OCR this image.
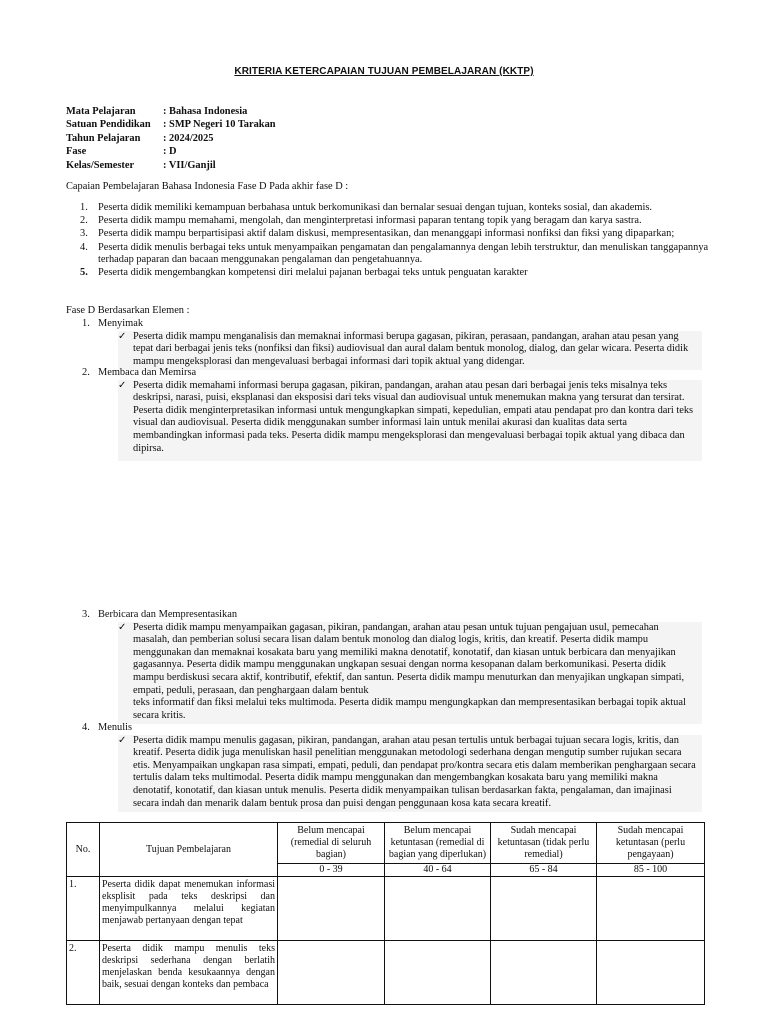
KRITERIA KETERCAPAIAN TUJUAN PEMBELAJARAN (KKTP)
Mata Pelajaran	: Bahasa Indonesia
Satuan Pendidikan	: SMP Negeri 10 Tarakan
Tahun Pelajaran	: 2024/2025
Fase	: D
Kelas/Semester	: VII/Ganjil
Capaian Pembelajaran Bahasa Indonesia Fase D Pada akhir fase D :
1. Peserta didik memiliki kemampuan berbahasa untuk berkomunikasi dan bernalar sesuai dengan tujuan, konteks sosial, dan akademis.
2. Peserta didik mampu memahami, mengolah, dan menginterpretasi informasi paparan tentang topik yang beragam dan karya sastra.
3. Peserta didik mampu berpartisipasi aktif dalam diskusi, mempresentasikan, dan menanggapi informasi nonfiksi dan fiksi yang dipaparkan;
4. Peserta didik menulis berbagai teks untuk menyampaikan pengamatan dan pengalamannya dengan lebih terstruktur, dan menuliskan tanggapannya terhadap paparan dan bacaan menggunakan pengalaman dan pengetahuannya.
5. Peserta didik mengembangkan kompetensi diri melalui pajanan berbagai teks untuk penguatan karakter
Fase D Berdasarkan Elemen :
1. Menyimak
✓ Peserta didik mampu menganalisis dan memaknai informasi berupa gagasan, pikiran, perasaan, pandangan, arahan atau pesan yang tepat dari berbagai jenis teks (nonfiksi dan fiksi) audiovisual dan aural dalam bentuk monolog, dialog, dan gelar wicara. Peserta didik mampu mengeksplorasi dan mengevaluasi berbagai informasi dari topik aktual yang didengar.

2. Membaca dan Memirsa
✓ Peserta didik memahami informasi berupa gagasan, pikiran, pandangan, arahan atau pesan dari berbagai jenis teks misalnya teks deskripsi, narasi, puisi, eksplanasi dan eksposisi dari teks visual dan audiovisual untuk menemukan makna yang tersurat dan tersirat. Peserta didik menginterpretasikan informasi untuk mengungkapkan simpati, kepedulian, empati atau pendapat pro dan kontra dari teks visual dan audiovisual. Peserta didik menggunakan sumber informasi lain untuk menilai akurasi dan kualitas data serta membandingkan informasi pada teks. Peserta didik mampu mengeksplorasi dan mengevaluasi berbagai topik aktual yang dibaca dan dipirsa.

3. Berbicara dan Mempresentasikan
✓ Peserta didik mampu menyampaikan gagasan, pikiran, pandangan, arahan atau pesan untuk tujuan pengajuan usul, pemecahan masalah, dan pemberian solusi secara lisan dalam bentuk monolog dan dialog logis, kritis, dan kreatif. Peserta didik mampu menggunakan dan memaknai kosakata baru yang memiliki makna denotatif, konotatif, dan kiasan untuk berbicara dan menyajikan gagasannya. Peserta didik mampu menggunakan ungkapan sesuai dengan norma kesopanan dalam berkomunikasi. Peserta didik mampu berdiskusi secara aktif, kontributif, efektif, dan santun. Peserta didik mampu menuturkan dan menyajikan ungkapan simpati, empati, peduli, perasaan, dan penghargaan dalam bentuk

teks informatif dan fiksi melalui teks multimoda. Peserta didik mampu mengungkapkan dan mempresentasikan berbagai topik aktual secara kritis.

4. Menulis
✓ Peserta didik mampu menulis gagasan, pikiran, pandangan, arahan atau pesan tertulis untuk berbagai tujuan secara logis, kritis, dan kreatif. Peserta didik juga menuliskan hasil penelitian menggunakan metodologi sederhana dengan mengutip sumber rujukan secara etis. Menyampaikan ungkapan rasa simpati, empati, peduli, dan pendapat pro/kontra secara etis dalam memberikan penghargaan secara tertulis dalam teks multimodal. Peserta didik mampu menggunakan dan mengembangkan kosakata baru yang memiliki makna denotatif, konotatif, dan kiasan untuk menulis. Peserta didik menyampaikan tulisan berdasarkan fakta, pengalaman, dan imajinasi secara indah dan menarik dalam bentuk prosa dan puisi dengan penggunaan kosa kata secara kreatif.

No.	Tujuan Pembelajaran	Belum mencapai (remedial di seluruh bagian)	Belum mencapai ketuntasan (remedial di bagian yang diperlukan)	Sudah mencapai ketuntasan (tidak perlu remedial)	Sudah mencapai ketuntasan (perlu pengayaan)
		0 - 39	40 - 64	65 - 84	85 - 100
1.	Peserta didik dapat menemukan informasi eksplisit pada teks deskripsi dan menyimpulkannya melalui kegiatan menjawab pertanyaan dengan tepat				
2.	Peserta didik mampu menulis teks deskripsi sederhana dengan berlatih menjelaskan benda kesukaannya dengan baik, sesuai dengan konteks dan pembaca				
